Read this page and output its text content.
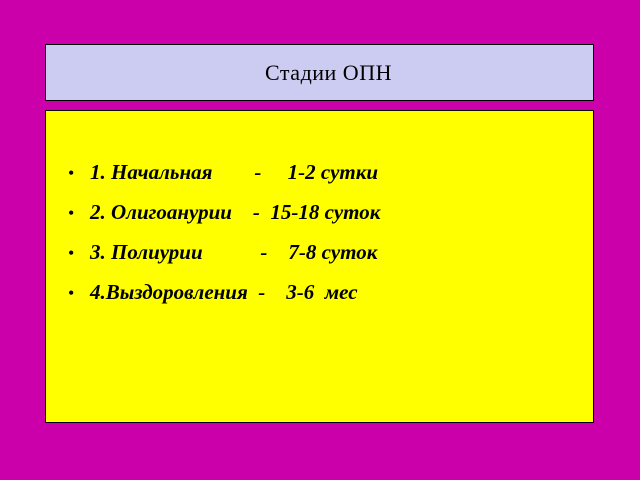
Стадии ОПН
• 1. Начальная        -     1-2 сутки
• 2. Олигоанурии    -  15-18 суток
• 3. Полиурии           -    7-8 суток
• 4.Выздоровления  -    3-6  мес
